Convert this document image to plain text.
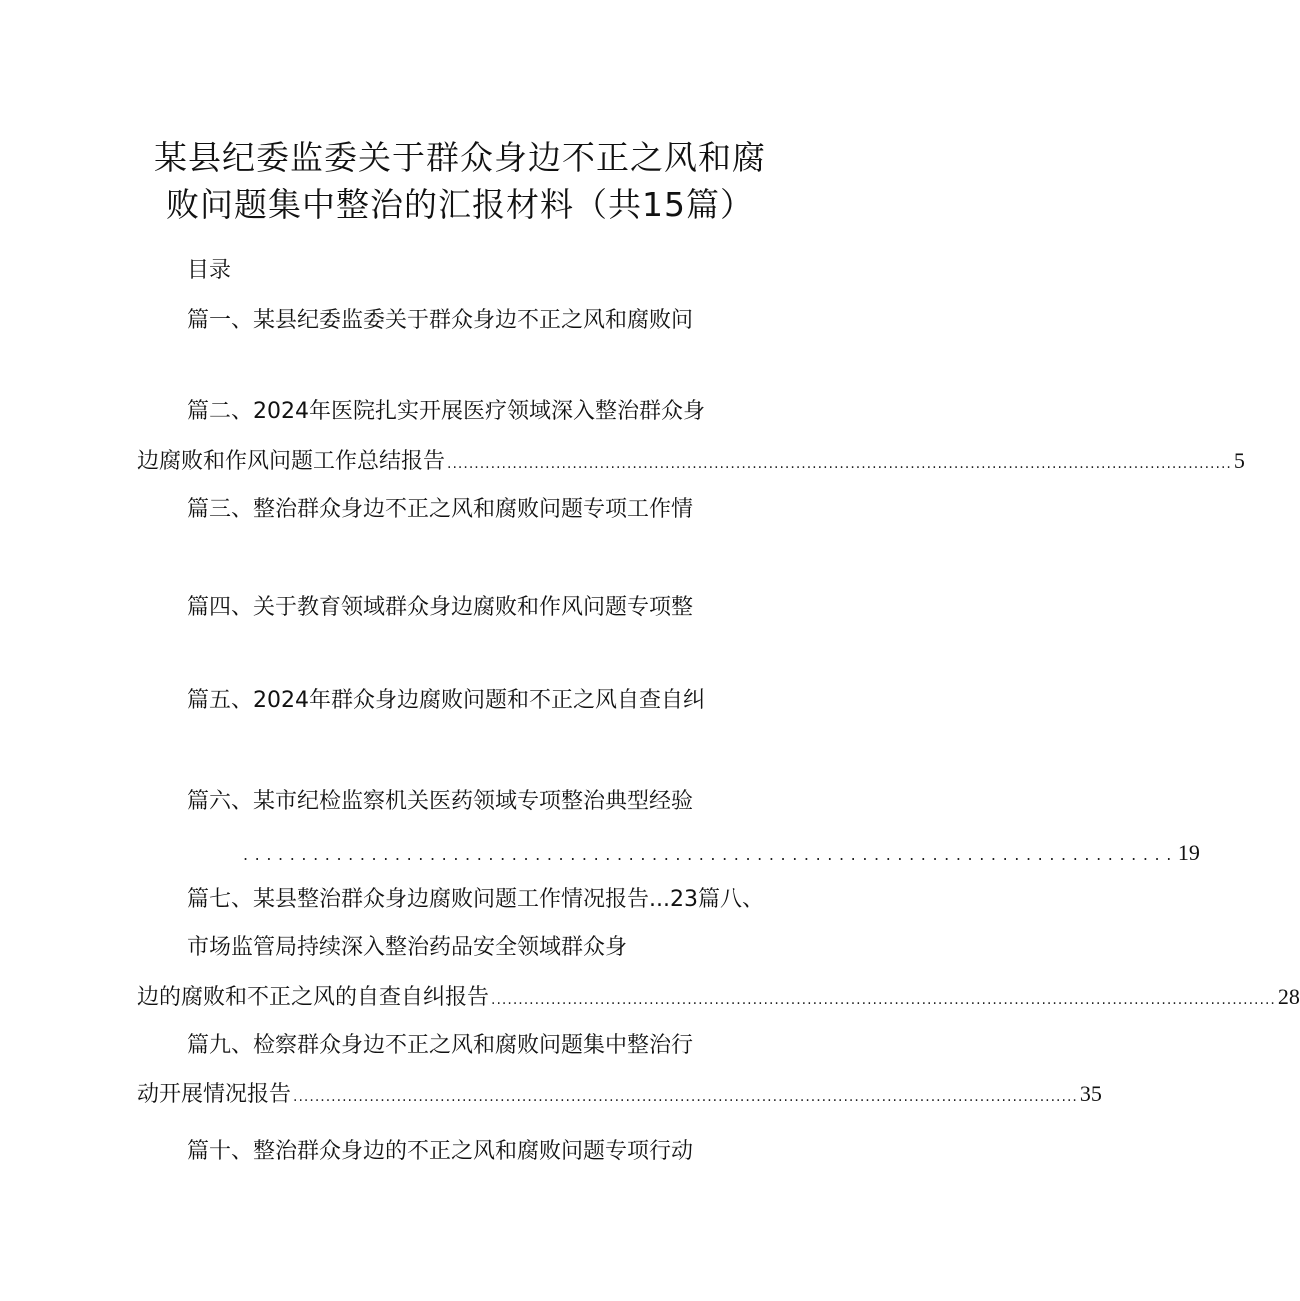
某县纪委监委关于群众身边不正之风和腐
败问题集中整治的汇报材料（共15篇）
目录
篇一、某县纪委监委关于群众身边不正之风和腐败问
篇二、2024年医院扎实开展医疗领域深入整治群众身
边腐败和作风问题工作总结报告 ................................................................................................................................................ 5
篇三、整治群众身边不正之风和腐败问题专项工作情
篇四、关于教育领域群众身边腐败和作风问题专项整
篇五、2024年群众身边腐败问题和不正之风自查自纠
篇六、某市纪检监察机关医药领域专项整治典型经验
................................................................................ 19
篇七、某县整治群众身边腐败问题工作情况报告...23篇八、
市场监管局持续深入整治药品安全领域群众身
边的腐败和不正之风的自查自纠报告 ................................................................................................................................................ 28
篇九、检察群众身边不正之风和腐败问题集中整治行
动开展情况报告 ................................................................................................................................................ 35
篇十、整治群众身边的不正之风和腐败问题专项行动
